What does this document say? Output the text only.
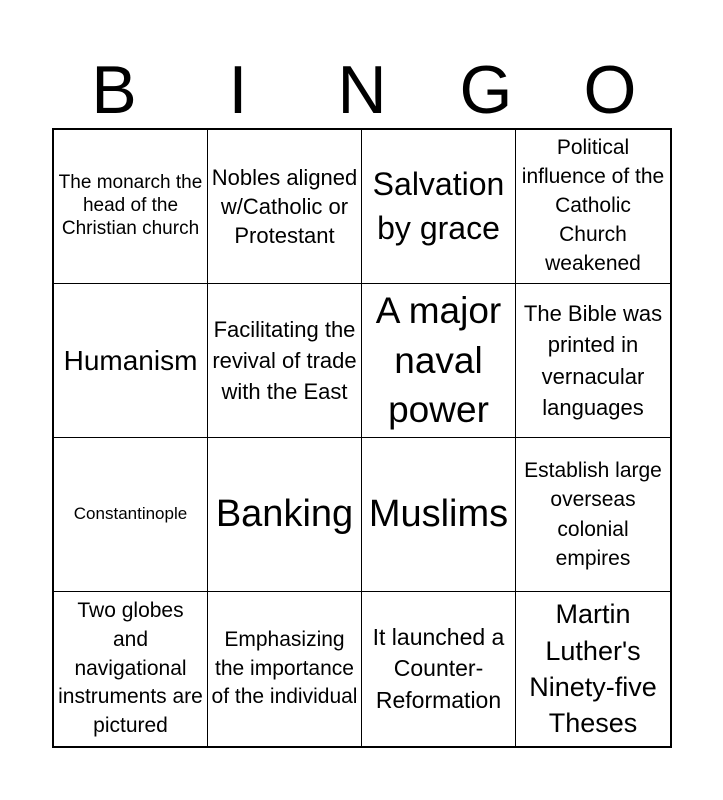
B	I	N	G	O
The monarch the head of the Christian church
Nobles aligned w/Catholic or Protestant
Salvation by grace
Political influence of the Catholic Church weakened
Humanism
Facilitating the revival of trade with the East
A major naval power
The Bible was printed in vernacular languages
Constantinople Banking Muslims
Establish large overseas colonial empires
Two globes and navigational instruments are pictured
Emphasizing the importance of the individual
It launched a Counter-Reformation
Martin Luther's Ninety-five Theses
